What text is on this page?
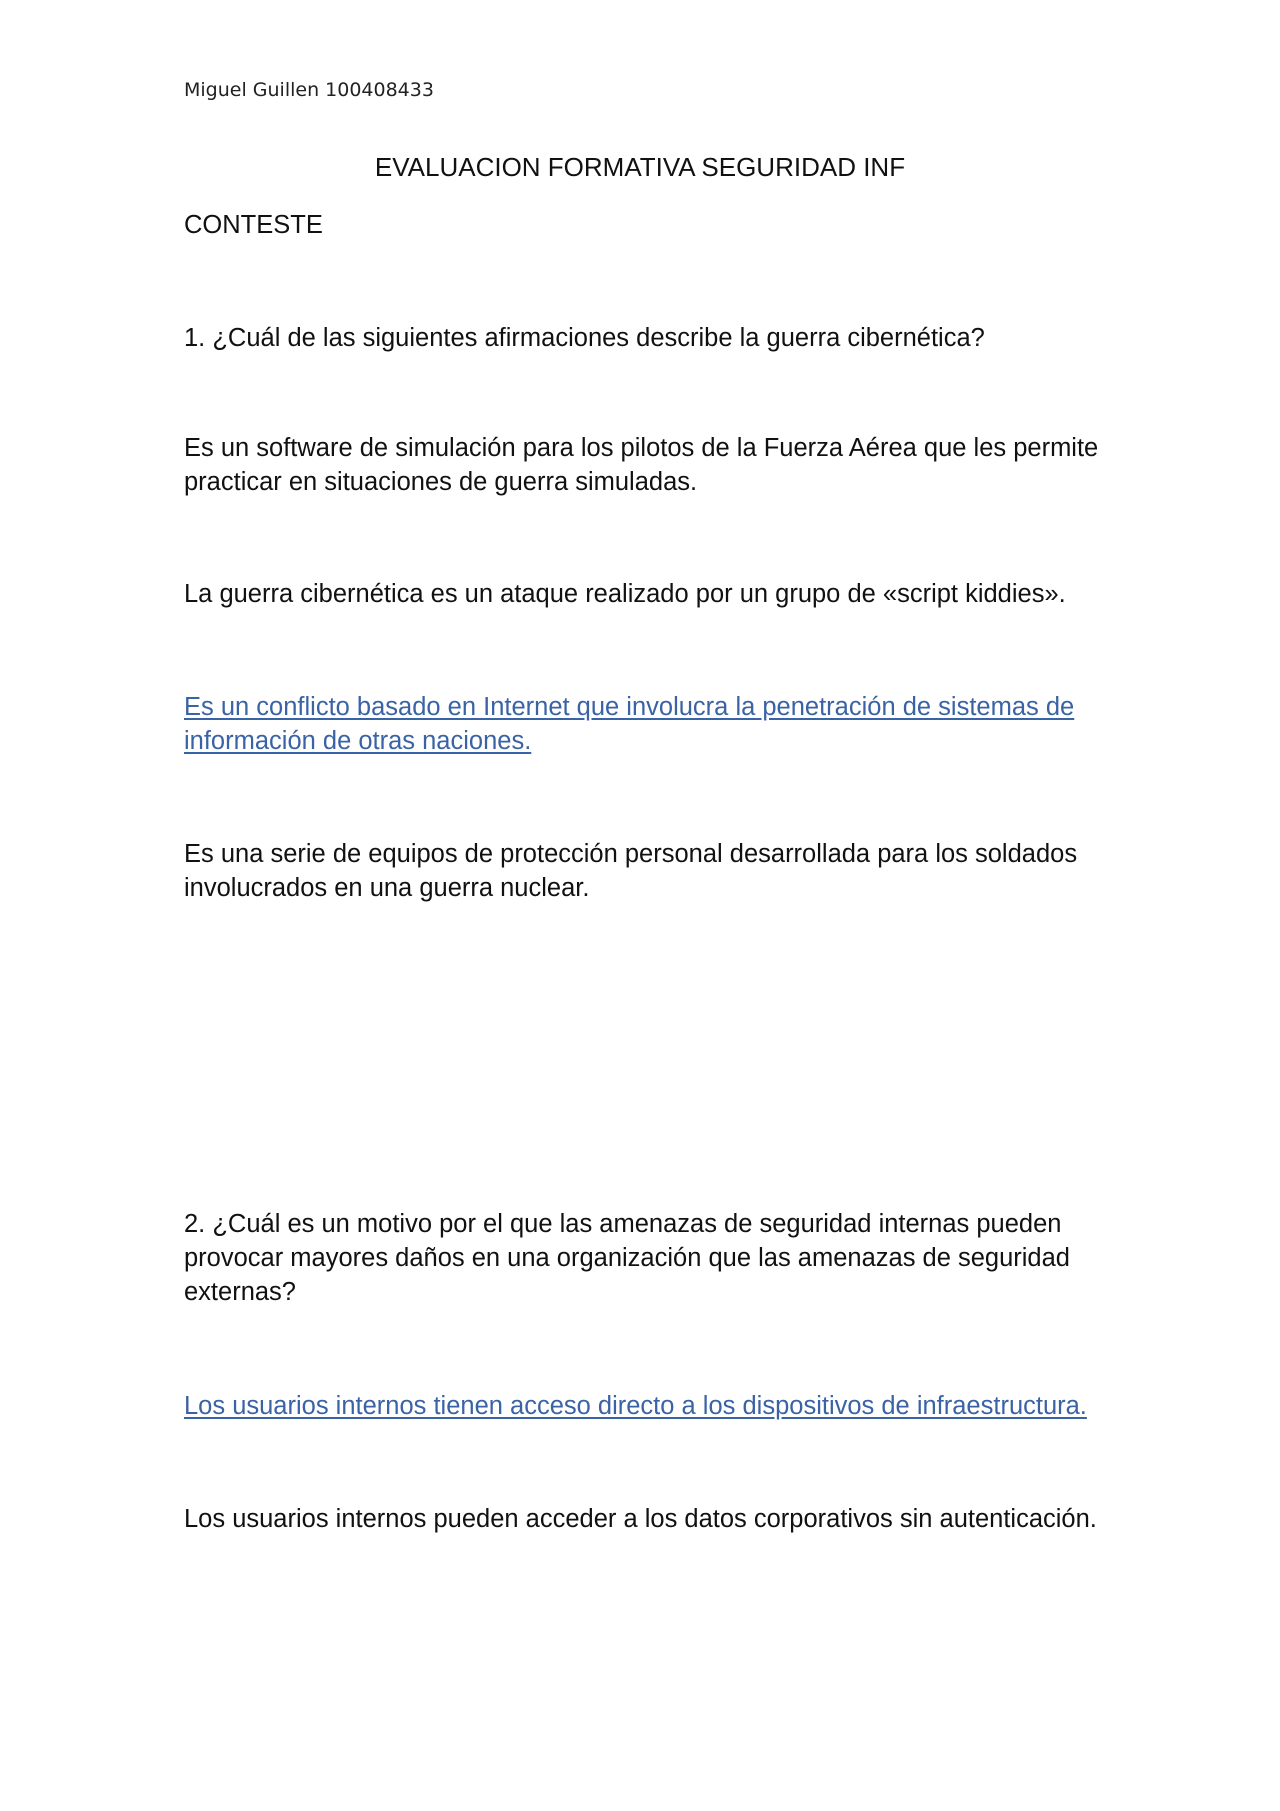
Miguel Guillen 100408433

EVALUACION FORMATIVA SEGURIDAD INF

CONTESTE

1. ¿Cuál de las siguientes afirmaciones describe la guerra cibernética?

Es un software de simulación para los pilotos de la Fuerza Aérea que les permite practicar en situaciones de guerra simuladas.

La guerra cibernética es un ataque realizado por un grupo de «script kiddies».

Es un conflicto basado en Internet que involucra la penetración de sistemas de información de otras naciones.

Es una serie de equipos de protección personal desarrollada para los soldados involucrados en una guerra nuclear.

2. ¿Cuál es un motivo por el que las amenazas de seguridad internas pueden provocar mayores daños en una organización que las amenazas de seguridad externas?

Los usuarios internos tienen acceso directo a los dispositivos de infraestructura.

Los usuarios internos pueden acceder a los datos corporativos sin autenticación.
